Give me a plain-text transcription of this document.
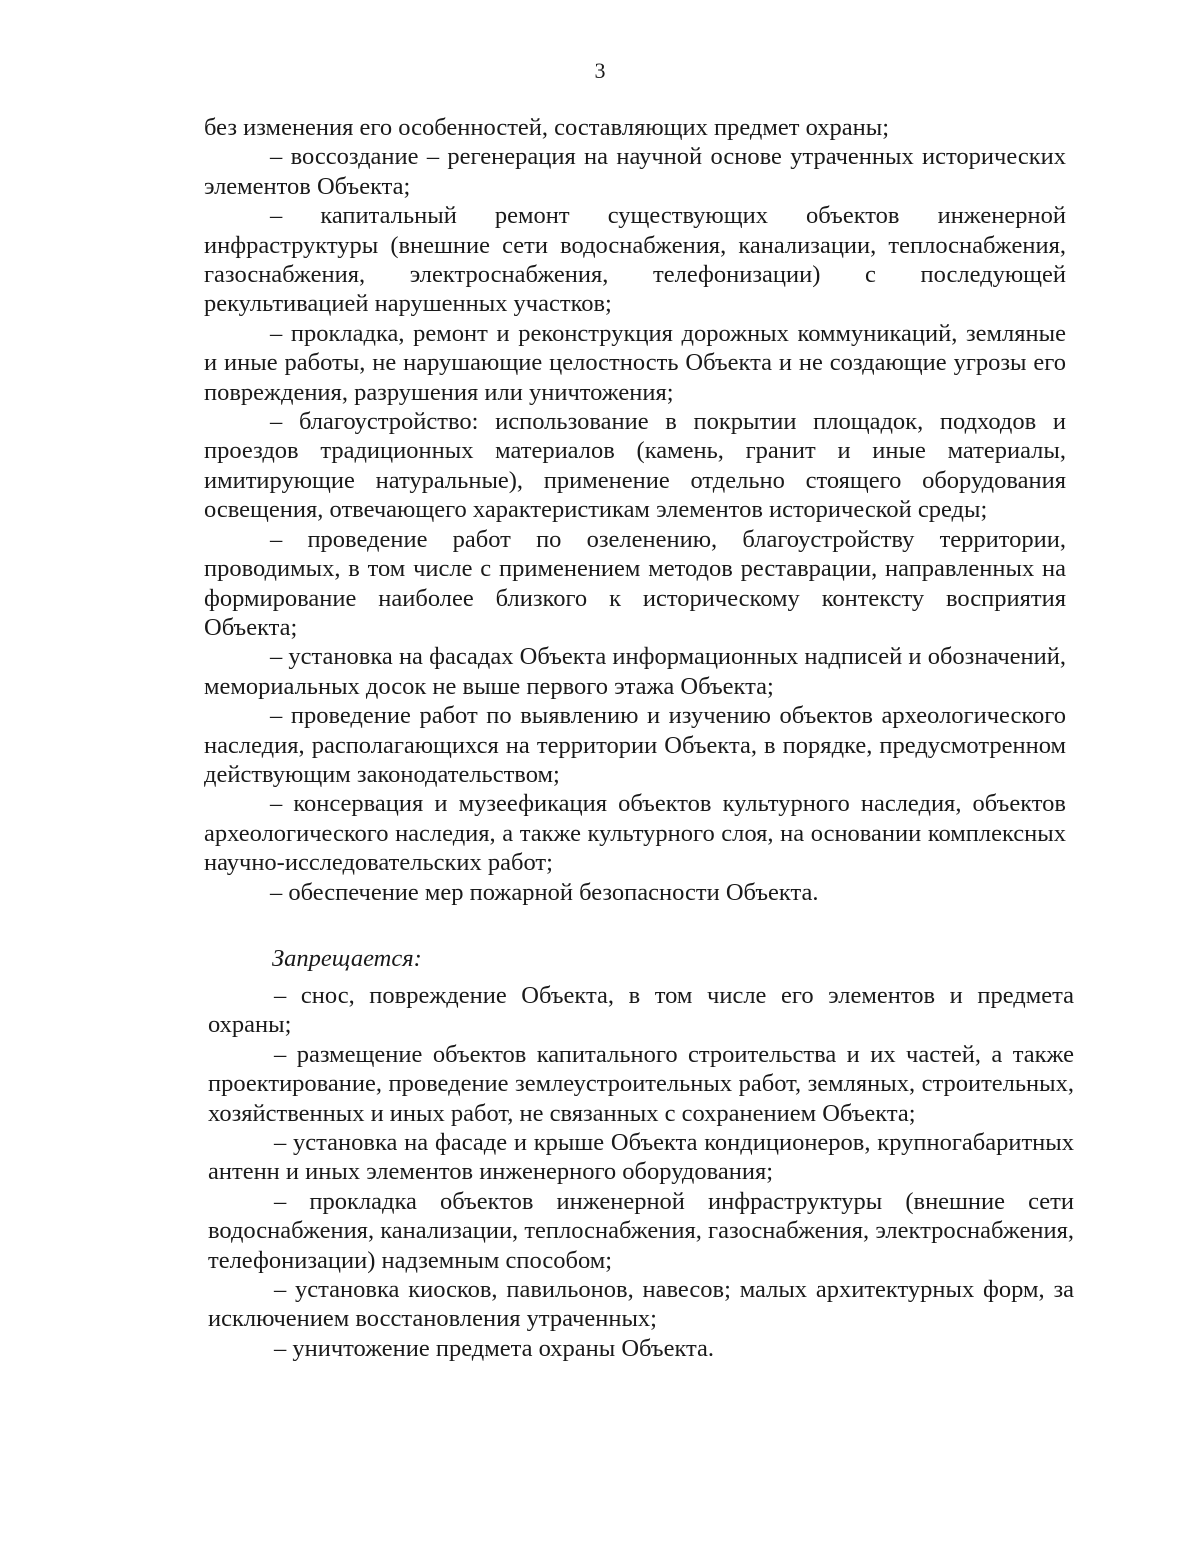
3

без изменения его особенностей, составляющих предмет охраны;

– воссоздание – регенерация на научной основе утраченных исторических элементов Объекта;

– капитальный ремонт существующих объектов инженерной инфраструктуры (внешние сети водоснабжения, канализации, теплоснабжения, газоснабжения, электроснабжения, телефонизации) с последующей рекультивацией нарушенных участков;

– прокладка, ремонт и реконструкция дорожных коммуникаций, земляные и иные работы, не нарушающие целостность Объекта и не создающие угрозы его повреждения, разрушения или уничтожения;

– благоустройство: использование в покрытии площадок, подходов и проездов традиционных материалов (камень, гранит и иные материалы, имитирующие натуральные), применение отдельно стоящего оборудования освещения, отвечающего характеристикам элементов исторической среды;

– проведение работ по озеленению, благоустройству территории, проводимых, в том числе с применением методов реставрации, направленных на формирование наиболее близкого к историческому контексту восприятия Объекта;

– установка на фасадах Объекта информационных надписей и обозначений, мемориальных досок не выше первого этажа Объекта;

– проведение работ по выявлению и изучению объектов археологического наследия, располагающихся на территории Объекта, в порядке, предусмотренном действующим законодательством;

– консервация и музеефикация объектов культурного наследия, объектов археологического наследия, а также культурного слоя, на основании комплексных научно-исследовательских работ;

– обеспечение мер пожарной безопасности Объекта.

Запрещается:

– снос, повреждение Объекта, в том числе его элементов и предмета охраны;

– размещение объектов капитального строительства и их частей, а также проектирование, проведение землеустроительных работ, земляных, строительных, хозяйственных и иных работ, не связанных с сохранением Объекта;

– установка на фасаде и крыше Объекта кондиционеров, крупногабаритных антенн и иных элементов инженерного оборудования;

– прокладка объектов инженерной инфраструктуры (внешние сети водоснабжения, канализации, теплоснабжения, газоснабжения, электроснабжения, телефонизации) надземным способом;

– установка киосков, павильонов, навесов; малых архитектурных форм, за исключением восстановления утраченных;

– уничтожение предмета охраны Объекта.
